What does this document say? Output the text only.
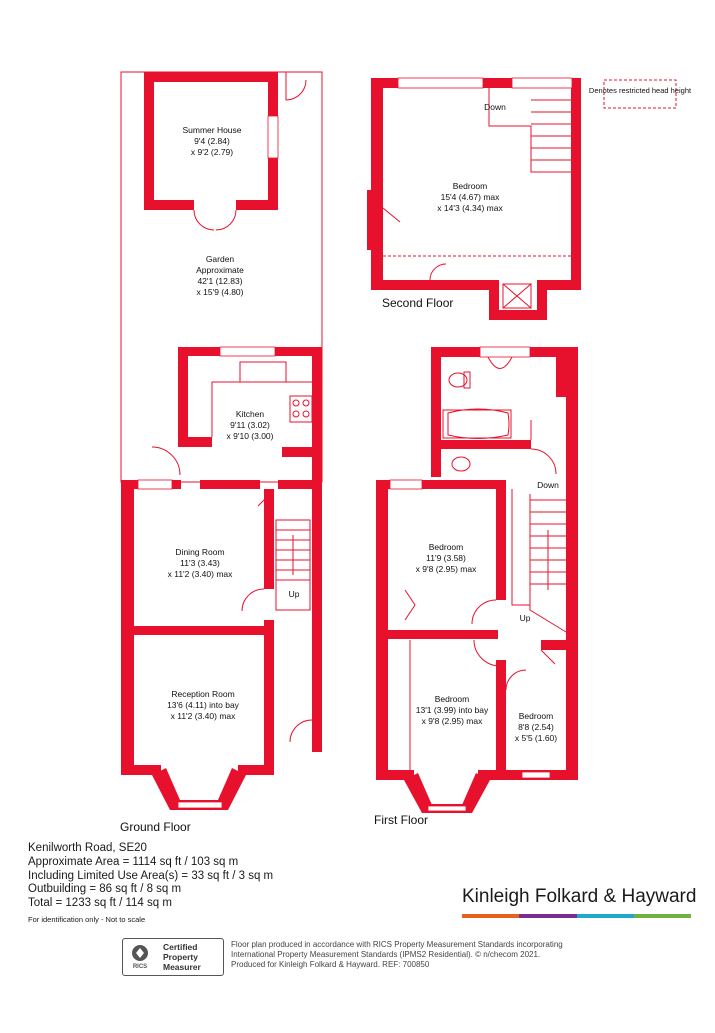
Summer House 9'4 (2.84) x 9'2 (2.79)
Garden Approximate 42'1 (12.83) x 15'9 (4.80)
Kitchen 9'11 (3.02) x 9'10 (3.00)
Dining Room 11'3 (3.43) x 11'2 (3.40) max
Reception Room 13'6 (4.11) into bay x 11'2 (3.40) max
Up
Ground Floor
Down
Bedroom 15'4 (4.67) max x 14'3 (4.34) max
Second Floor
Denotes restricted head height
Down
Up
Bedroom 11'9 (3.58) x 9'8 (2.95) max
Bedroom 13'1 (3.99) into bay x 9'8 (2.95) max	Bedroom 8'8 (2.54) x 5'5 (1.60)
First Floor
Kenilworth Road, SE20
Approximate Area = 1114 sq ft / 103 sq m
Including Limited Use Area(s) = 33 sq ft / 3 sq m
Outbuilding = 86 sq ft / 8 sq m
Total = 1233 sq ft / 114 sq m
For identification only - Not to scale
Kinleigh Folkard & Hayward
RICS
Certified
Property
Measurer
Floor plan produced in accordance with RICS Property Measurement Standards incorporating
International Property Measurement Standards (IPMS2 Residential). © n/checom 2021.
Produced for Kinleigh Folkard & Hayward. REF: 700850
